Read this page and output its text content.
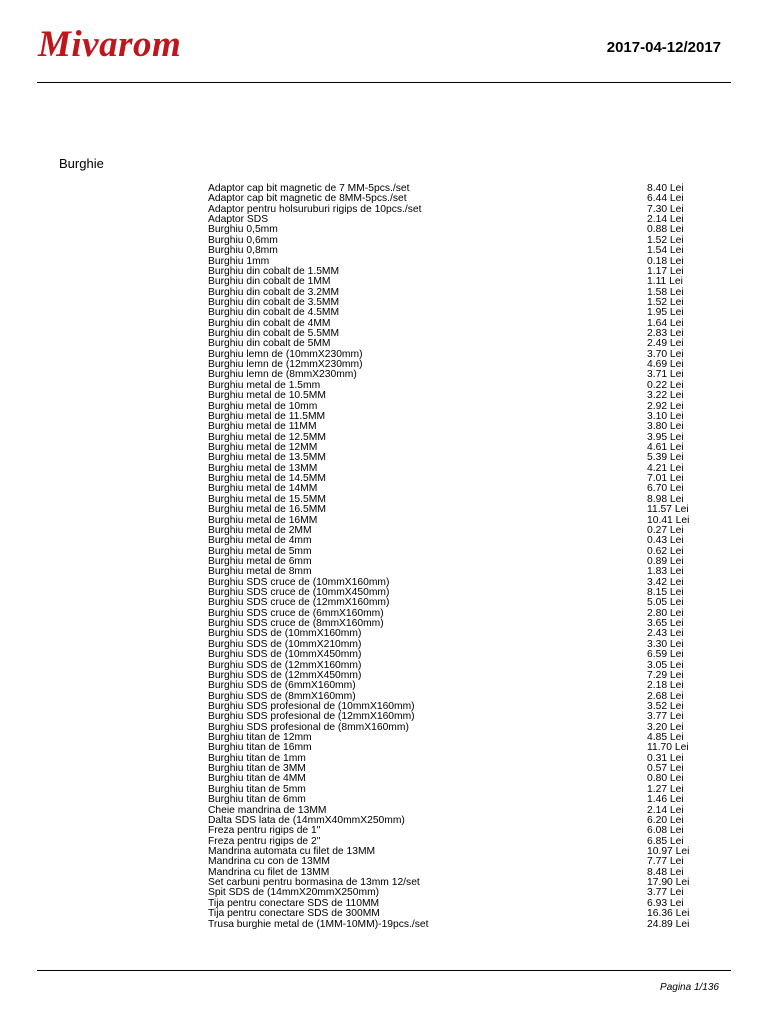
Mivarom	2017-04-12/2017
Burghie
Adaptor cap bit magnetic de 7 MM-5pcs./set	8.40 Lei
Adaptor cap bit magnetic de 8MM-5pcs./set	6.44 Lei
Adaptor pentru holsuruburi rigips de 10pcs./set	7.30 Lei
Adaptor SDS	2.14 Lei
Burghiu 0,5mm	0.88 Lei
Burghiu 0,6mm	1.52 Lei
Burghiu 0,8mm	1.54 Lei
Burghiu 1mm	0.18 Lei
Burghiu din cobalt de 1.5MM	1.17 Lei
Burghiu din cobalt de 1MM	1.11 Lei
Burghiu din cobalt de 3.2MM	1.58 Lei
Burghiu din cobalt de 3.5MM	1.52 Lei
Burghiu din cobalt de 4.5MM	1.95 Lei
Burghiu din cobalt de 4MM	1.64 Lei
Burghiu din cobalt de 5.5MM	2.83 Lei
Burghiu din cobalt de 5MM	2.49 Lei
Burghiu lemn de (10mmX230mm)	3.70 Lei
Burghiu lemn de (12mmX230mm)	4.69 Lei
Burghiu lemn de (8mmX230mm)	3.71 Lei
Burghiu metal de 1.5mm	0.22 Lei
Burghiu metal de 10.5MM	3.22 Lei
Burghiu metal de 10mm	2.92 Lei
Burghiu metal de 11.5MM	3.10 Lei
Burghiu metal de 11MM	3.80 Lei
Burghiu metal de 12.5MM	3.95 Lei
Burghiu metal de 12MM	4.61 Lei
Burghiu metal de 13.5MM	5.39 Lei
Burghiu metal de 13MM	4.21 Lei
Burghiu metal de 14.5MM	7.01 Lei
Burghiu metal de 14MM	6.70 Lei
Burghiu metal de 15.5MM	8.98 Lei
Burghiu metal de 16.5MM	11.57 Lei
Burghiu metal de 16MM	10.41 Lei
Burghiu metal de 2MM	0.27 Lei
Burghiu metal de 4mm	0.43 Lei
Burghiu metal de 5mm	0.62 Lei
Burghiu metal de 6mm	0.89 Lei
Burghiu metal de 8mm	1.83 Lei
Burghiu SDS cruce de (10mmX160mm)	3.42 Lei
Burghiu SDS cruce de (10mmX450mm)	8.15 Lei
Burghiu SDS cruce de (12mmX160mm)	5.05 Lei
Burghiu SDS cruce de (6mmX160mm)	2.80 Lei
Burghiu SDS cruce de (8mmX160mm)	3.65 Lei
Burghiu SDS de (10mmX160mm)	2.43 Lei
Burghiu SDS de (10mmX210mm)	3.30 Lei
Burghiu SDS de (10mmX450mm)	6.59 Lei
Burghiu SDS de (12mmX160mm)	3.05 Lei
Burghiu SDS de (12mmX450mm)	7.29 Lei
Burghiu SDS de (6mmX160mm)	2.18 Lei
Burghiu SDS de (8mmX160mm)	2.68 Lei
Burghiu SDS profesional de (10mmX160mm)	3.52 Lei
Burghiu SDS profesional de (12mmX160mm)	3.77 Lei
Burghiu SDS profesional de (8mmX160mm)	3.20 Lei
Burghiu titan de 12mm	4.85 Lei
Burghiu titan de 16mm	11.70 Lei
Burghiu titan de 1mm	0.31 Lei
Burghiu titan de 3MM	0.57 Lei
Burghiu titan de 4MM	0.80 Lei
Burghiu titan de 5mm	1.27 Lei
Burghiu titan de 6mm	1.46 Lei
Cheie mandrina de 13MM	2.14 Lei
Dalta SDS lata de (14mmX40mmX250mm)	6.20 Lei
Freza pentru rigips de 1"	6.08 Lei
Freza pentru rigips de 2"	6.85 Lei
Mandrina automata cu filet de 13MM	10.97 Lei
Mandrina cu con de 13MM	7.77 Lei
Mandrina cu filet de 13MM	8.48 Lei
Set carbuni pentru bormasina de 13mm 12/set	17.90 Lei
Spit SDS de (14mmX20mmX250mm)	3.77 Lei
Tija pentru conectare SDS de 110MM	6.93 Lei
Tija pentru conectare SDS de 300MM	16.36 Lei
Trusa burghie metal de (1MM-10MM)-19pcs./set	24.89 Lei
Pagina 1/136
